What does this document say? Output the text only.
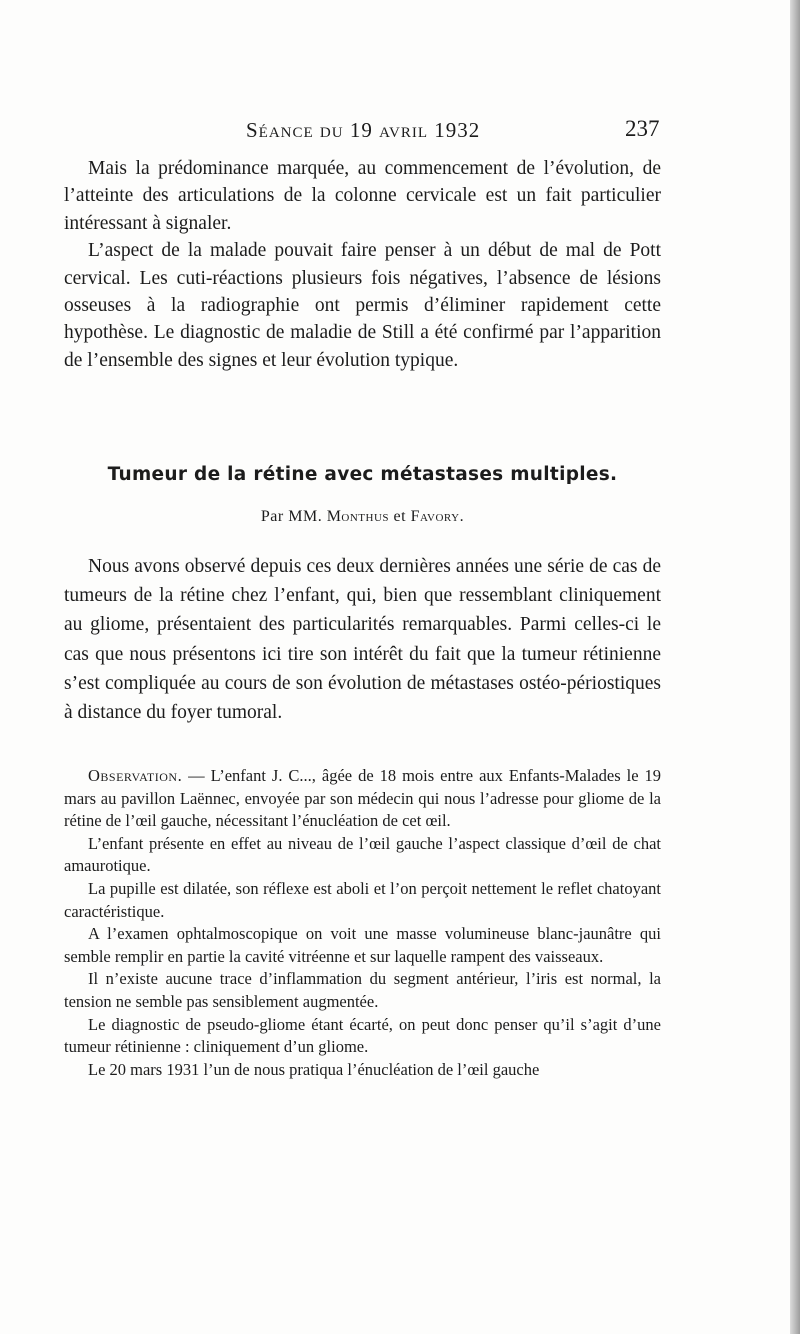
Séance du 19 avril 1932	237

Mais la prédominance marquée, au commencement de l’évolution, de l’atteinte des articulations de la colonne cervicale est un fait particulier intéressant à signaler.

L’aspect de la malade pouvait faire penser à un début de mal de Pott cervical. Les cuti-réactions plusieurs fois négatives, l’absence de lésions osseuses à la radiographie ont permis d’éliminer rapidement cette hypothèse. Le diagnostic de maladie de Still a été confirmé par l’apparition de l’ensemble des signes et leur évolution typique.

Tumeur de la rétine avec métastases multiples.
Par MM. Monthus et Favory.

Nous avons observé depuis ces deux dernières années une série de cas de tumeurs de la rétine chez l’enfant, qui, bien que ressemblant cliniquement au gliome, présentaient des particularités remarquables. Parmi celles-ci le cas que nous présentons ici tire son intérêt du fait que la tumeur rétinienne s’est compliquée au cours de son évolution de métastases ostéo-périostiques à distance du foyer tumoral.

Observation. — L’enfant J. C..., âgée de 18 mois entre aux Enfants-Malades le 19 mars au pavillon Laënnec, envoyée par son médecin qui nous l’adresse pour gliome de la rétine de l’œil gauche, nécessitant l’énucléation de cet œil.

L’enfant présente en effet au niveau de l’œil gauche l’aspect classique d’œil de chat amaurotique.

La pupille est dilatée, son réflexe est aboli et l’on perçoit nettement le reflet chatoyant caractéristique.

A l’examen ophtalmoscopique on voit une masse volumineuse blanc-jaunâtre qui semble remplir en partie la cavité vitréenne et sur laquelle rampent des vaisseaux.

Il n’existe aucune trace d’inflammation du segment antérieur, l’iris est normal, la tension ne semble pas sensiblement augmentée.

Le diagnostic de pseudo-gliome étant écarté, on peut donc penser qu’il s’agit d’une tumeur rétinienne : cliniquement d’un gliome.

Le 20 mars 1931 l’un de nous pratiqua l’énucléation de l’œil gauche
